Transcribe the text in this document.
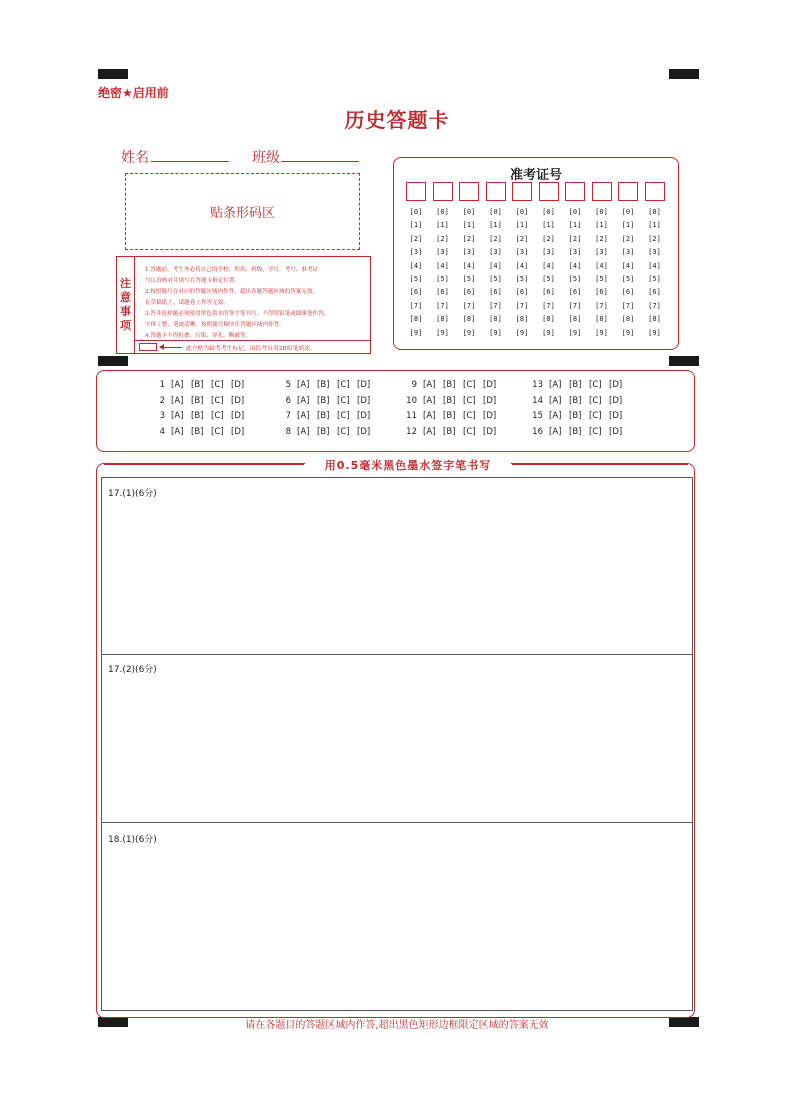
绝密★启用前
历史答题卡
姓名	班级
贴条形码区
注
意
事
项
1.答题前，考生务必将自己的学校、姓名、班级、学号、考号、准考证
号认真核对并填写在答题卡指定位置。
2.按照题号在对应的答题区域内作答，超出各题答题区域的答案无效，
在草稿纸上、试题卷上作答无效。
3.答非选择题必须使用黑色墨水的签字笔书写，不得用铅笔或圆珠笔作答，
字体工整、笔迹清晰。按照题号顺序在答题区域内作答。
4.答题卡不得折叠、污染、穿孔、撕破等。
此方框为缺考考生标记，由监考员用2B铅笔填涂。
准考证号
[0]
[1]
[2]
[3]
[4]
[5]
[6]
[7]
[8]
[9]
[0]
[1]
[2]
[3]
[4]
[5]
[6]
[7]
[8]
[9]
[0]
[1]
[2]
[3]
[4]
[5]
[6]
[7]
[8]
[9]
[0]
[1]
[2]
[3]
[4]
[5]
[6]
[7]
[8]
[9]
[0]
[1]
[2]
[3]
[4]
[5]
[6]
[7]
[8]
[9]
[0]
[1]
[2]
[3]
[4]
[5]
[6]
[7]
[8]
[9]
[0]
[1]
[2]
[3]
[4]
[5]
[6]
[7]
[8]
[9]
[0]
[1]
[2]
[3]
[4]
[5]
[6]
[7]
[8]
[9]
[0]
[1]
[2]
[3]
[4]
[5]
[6]
[7]
[8]
[9]
[0]
[1]
[2]
[3]
[4]
[5]
[6]
[7]
[8]
[9]
1 [A] [B] [C] [D]
2 [A] [B] [C] [D]
3 [A] [B] [C] [D]
4 [A] [B] [C] [D]
5 [A] [B] [C] [D]
6 [A] [B] [C] [D]
7 [A] [B] [C] [D]
8 [A] [B] [C] [D]
9 [A] [B] [C] [D]
10 [A] [B] [C] [D]
11 [A] [B] [C] [D]
12 [A] [B] [C] [D]
13 [A] [B] [C] [D]
14 [A] [B] [C] [D]
15 [A] [B] [C] [D]
16 [A] [B] [C] [D]
用0.5毫米黑色墨水签字笔书写
17.(1)(6分)
17.(2)(6分)
18.(1)(6分)
请在各题目的答题区域内作答,超出黑色矩形边框限定区域的答案无效
